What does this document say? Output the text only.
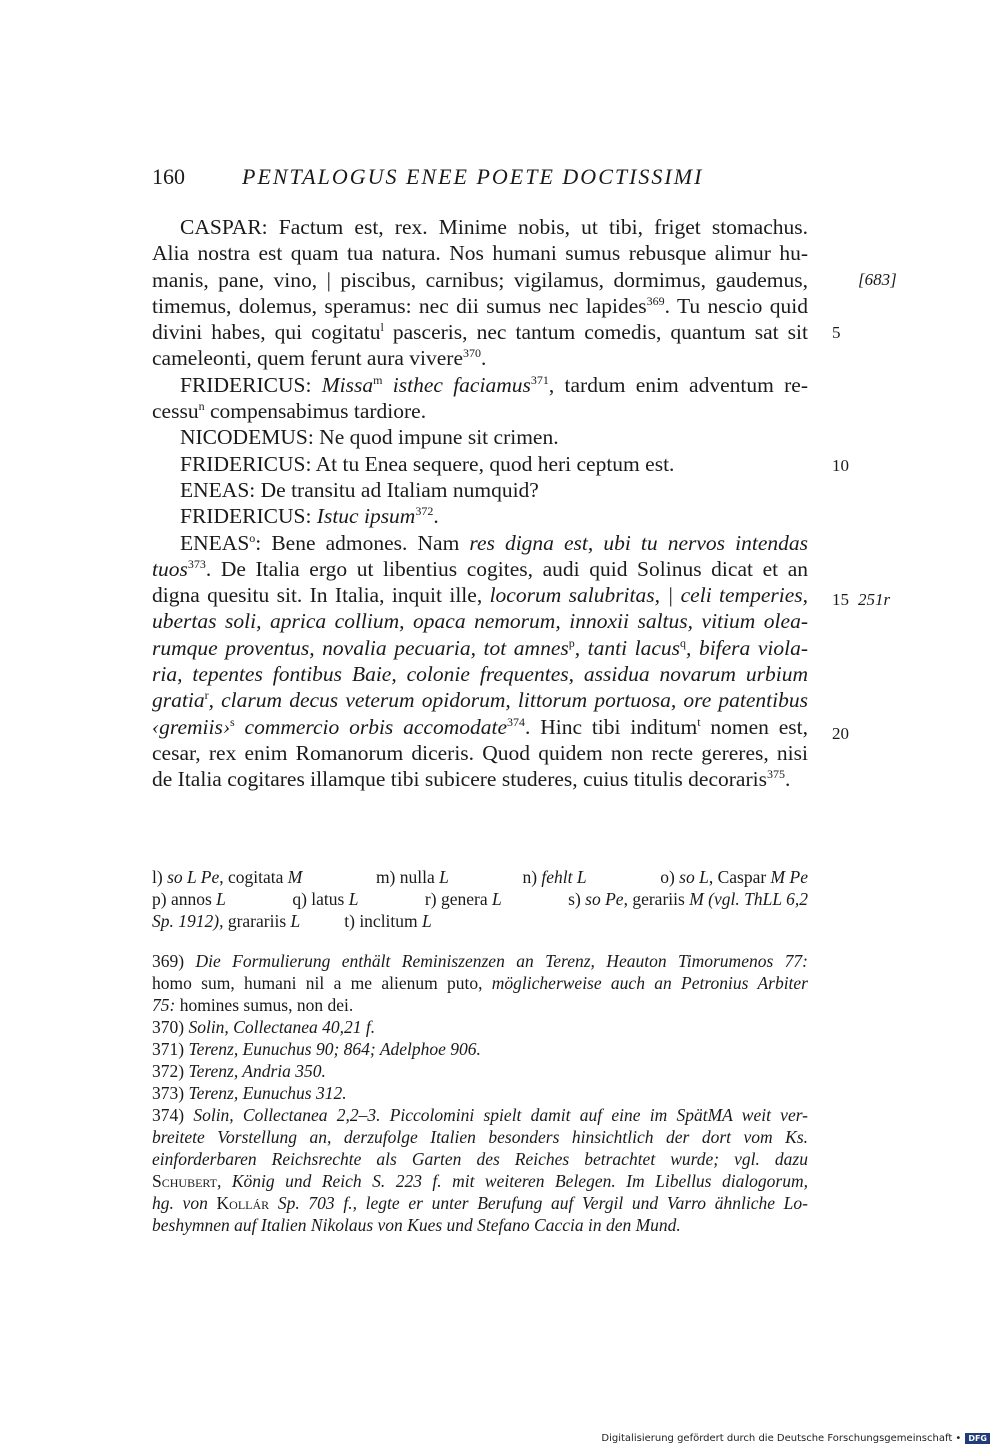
160	PENTALOGUS ENEE POETE DOCTISSIMI
CASPAR: Factum est, rex. Minime nobis, ut tibi, friget stomachus.
Alia nostra est quam tua natura. Nos humani sumus rebusque alimur hu-
manis, pane, vino, | piscibus, carnibus; vigilamus, dormimus, gaudemus,
timemus, dolemus, speramus: nec dii sumus nec lapides$^{369}$. Tu nescio quid
divini habes, qui cogitatu$^l$ pasceris, nec tantum comedis, quantum sat sit
cameleonti, quem ferunt aura vivere$^{370}$.
FRIDERICUS: Missa$^m$ isthec faciamus$^{371}$, tardum enim adventum re-
cessu$^n$ compensabimus tardiore.
NICODEMUS: Ne quod impune sit crimen.
FRIDERICUS: At tu Enea sequere, quod heri ceptum est.
ENEAS: De transitu ad Italiam numquid?
FRIDERICUS: Istuc ipsum$^{372}$.
ENEAS$^o$: Bene admones. Nam res digna est, ubi tu nervos intendas
tuos$^{373}$. De Italia ergo ut libentius cogites, audi quid Solinus dicat et an
digna quesitu sit. In Italia, inquit ille, locorum salubritas, | celi temperies,
ubertas soli, aprica collium, opaca nemorum, innoxii saltus, vitium olea-
rumque proventus, novalia pecuaria, tot amnes$^p$, tanti lacus$^q$, bifera viola-
ria, tepentes fontibus Baie, colonie frequentes, assidua novarum urbium
gratia$^r$, clarum decus veterum opidorum, littorum portuosa, ore patentibus
‹gremiis›$^s$ commercio orbis accomodate$^{374}$. Hinc tibi inditum$^t$ nomen est,
cesar, rex enim Romanorum diceris. Quod quidem non recte gereres, nisi
de Italia cogitares illamque tibi subicere studeres, cuius titulis decoraris$^{375}$.
[683]
5
10
15 251r
20
l) so L Pe, cogitata M	m) nulla L	n) fehlt L	o) so L, Caspar M Pe
p) annos L	q) latus L	r) genera L	s) so Pe, gerariis M (vgl. ThLL 6,2
Sp. 1912), grarariis L	t) inclitum L
369) Die Formulierung enthält Reminiszenzen an Terenz, Heauton Timorumenos 77:
homo sum, humani nil a me alienum puto, möglicherweise auch an Petronius Arbiter
75: homines sumus, non dei.
370) Solin, Collectanea 40,21 f.
371) Terenz, Eunuchus 90; 864; Adelphoe 906.
372) Terenz, Andria 350.
373) Terenz, Eunuchus 312.
374) Solin, Collectanea 2,2–3. Piccolomini spielt damit auf eine im SpätMA weit ver-
breitete Vorstellung an, derzufolge Italien besonders hinsichtlich der dort vom Ks.
einforderbaren Reichsrechte als Garten des Reiches betrachtet wurde; vgl. dazu
Schubert, König und Reich S. 223 f. mit weiteren Belegen. Im Libellus dialogorum,
hg. von Kollár Sp. 703 f., legte er unter Berufung auf Vergil und Varro ähnliche Lo-
beshymnen auf Italien Nikolaus von Kues und Stefano Caccia in den Mund.
Digitalisierung gefördert durch die Deutsche Forschungsgemeinschaft • DFG
